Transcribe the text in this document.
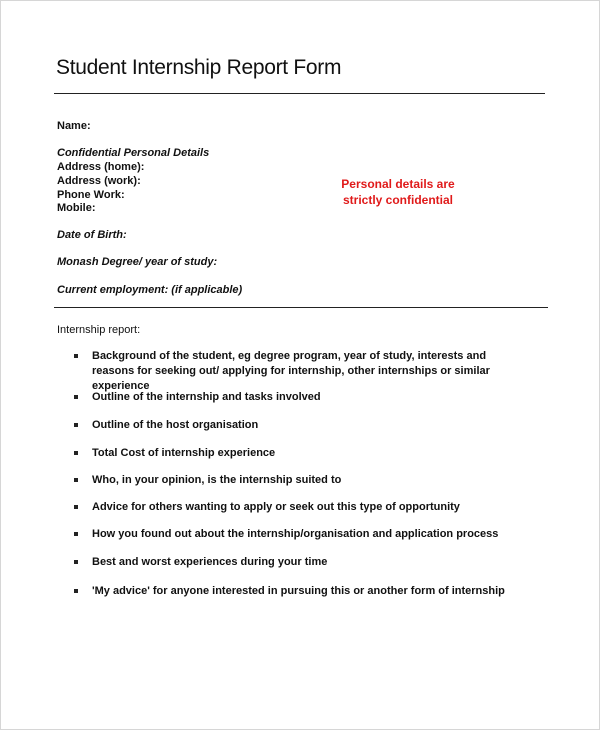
Student Internship Report Form
Name:
Confidential Personal Details
Address (home):
Address (work):
Phone Work:
Mobile:
Personal details are
strictly confidential
Date of Birth:
Monash Degree/ year of study:
Current employment: (if applicable)
Internship report:
Background of the student, eg degree program, year of study, interests and reasons for seeking out/ applying for internship, other internships or similar experience
Outline of the internship and tasks involved
Outline of the host organisation
Total Cost of internship experience
Who, in your opinion, is the internship suited to
Advice for others wanting to apply or seek out this type of opportunity
How you found out about the internship/organisation and application process
Best and worst experiences during your time
'My advice' for anyone interested in pursuing this or another form of internship
